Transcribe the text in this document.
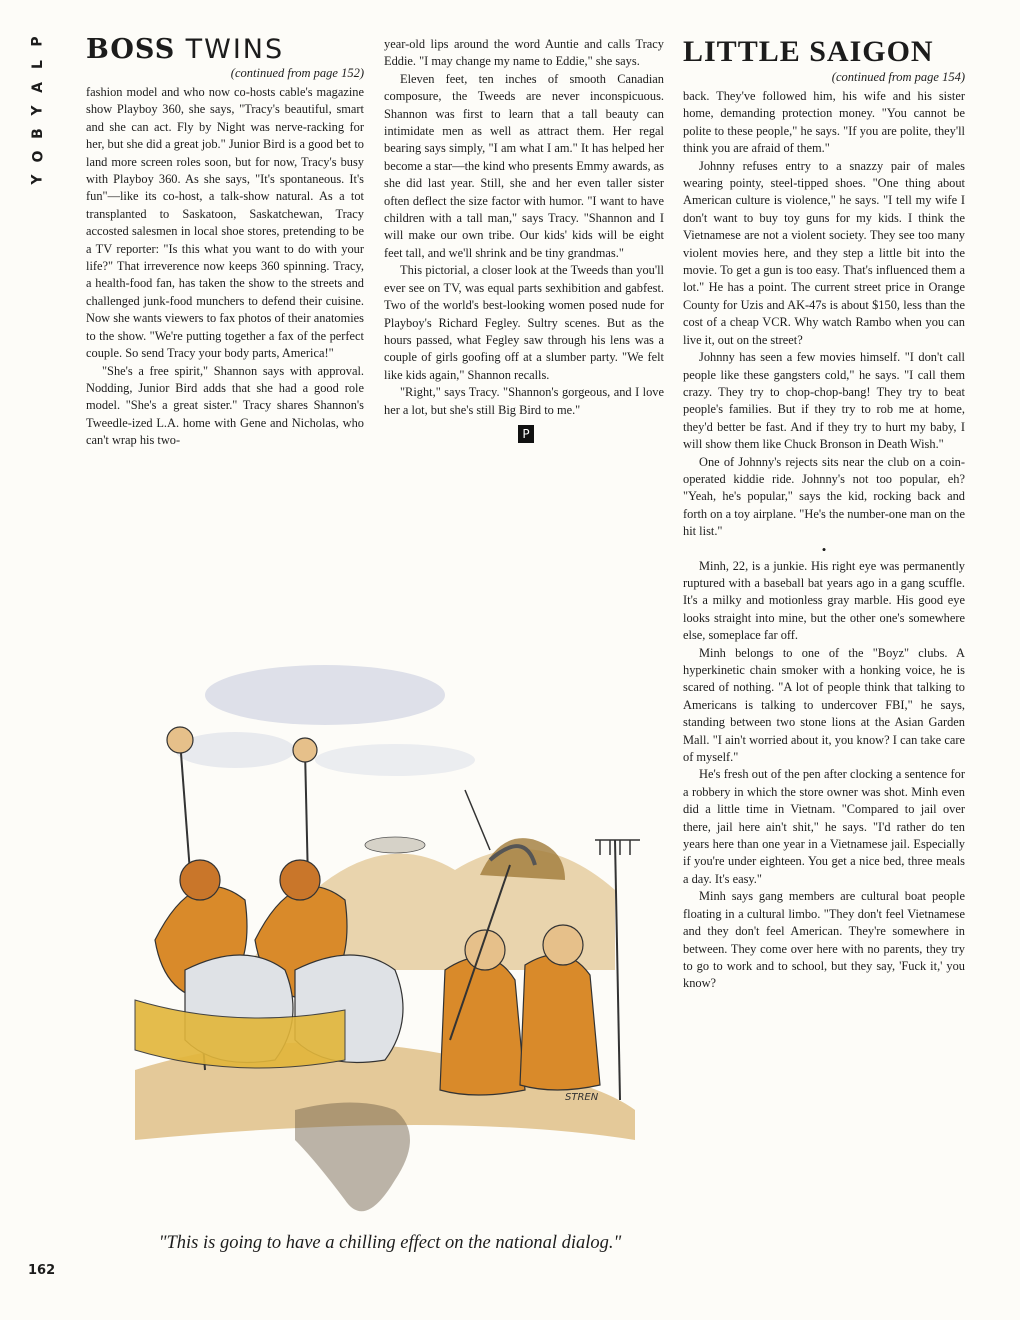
P
L
A
Y
B
O
Y
BOSS TWINS
(continued from page 152)

fashion model and who now co-hosts cable's magazine show Playboy 360, she says, "Tracy's beautiful, smart and she can act. Fly by Night was nerve-racking for her, but she did a great job." Junior Bird is a good bet to land more screen roles soon, but for now, Tracy's busy with Playboy 360. As she says, "It's spontaneous. It's fun"—like its co-host, a talk-show natural. As a tot transplanted to Saskatoon, Saskatchewan, Tracy accosted salesmen in local shoe stores, pretending to be a TV reporter: "Is this what you want to do with your life?" That irreverence now keeps 360 spinning. Tracy, a health-food fan, has taken the show to the streets and challenged junk-food munchers to defend their cuisine. Now she wants viewers to fax photos of their anatomies to the show. "We're putting together a fax of the perfect couple. So send Tracy your body parts, America!"

"She's a free spirit," Shannon says with approval. Nodding, Junior Bird adds that she had a good role model. "She's a great sister." Tracy shares Shannon's Tweedle-ized L.A. home with Gene and Nicholas, who can't wrap his two-

year-old lips around the word Auntie and calls Tracy Eddie. "I may change my name to Eddie," she says.

Eleven feet, ten inches of smooth Canadian composure, the Tweeds are never inconspicuous. Shannon was first to learn that a tall beauty can intimidate men as well as attract them. Her regal bearing says simply, "I am what I am." It has helped her become a star—the kind who presents Emmy awards, as she did last year. Still, she and her even taller sister often deflect the size factor with humor. "I want to have children with a tall man," says Tracy. "Shannon and I will make our own tribe. Our kids' kids will be eight feet tall, and we'll shrink and be tiny grandmas."

This pictorial, a closer look at the Tweeds than you'll ever see on TV, was equal parts sexhibition and gabfest. Two of the world's best-looking women posed nude for Playboy's Richard Fegley. Sultry scenes. But as the hours passed, what Fegley saw through his lens was a couple of girls goofing off at a slumber party. "We felt like kids again," Shannon recalls.

"Right," says Tracy. "Shannon's gorgeous, and I love her a lot, but she's still Big Bird to me."

P
LITTLE SAIGON
(continued from page 154)

back. They've followed him, his wife and his sister home, demanding protection money. "You cannot be polite to these people," he says. "If you are polite, they'll think you are afraid of them."

Johnny refuses entry to a snazzy pair of males wearing pointy, steel-tipped shoes. "One thing about American culture is violence," he says. "I tell my wife I don't want to buy toy guns for my kids. I think the Vietnamese are not a violent society. They see too many violent movies here, and they step a little bit into the movie. To get a gun is too easy. That's influenced them a lot." He has a point. The current street price in Orange County for Uzis and AK-47s is about $150, less than the cost of a cheap VCR. Why watch Rambo when you can live it, out on the street?

Johnny has seen a few movies himself. "I don't call people like these gangsters cold," he says. "I call them crazy. They try to chop-chop-bang! They try to beat people's families. But if they try to rob me at home, they'd better be fast. And if they try to hurt my baby, I will show them like Chuck Bronson in Death Wish."

One of Johnny's rejects sits near the club on a coin-operated kiddie ride. Johnny's not too popular, eh? "Yeah, he's popular," says the kid, rocking back and forth on a toy airplane. "He's the number-one man on the hit list."

•

Minh, 22, is a junkie. His right eye was permanently ruptured with a baseball bat years ago in a gang scuffle. It's a milky and motionless gray marble. His good eye looks straight into mine, but the other one's somewhere else, someplace far off.

Minh belongs to one of the "Boyz" clubs. A hyperkinetic chain smoker with a honking voice, he is scared of nothing. "A lot of people think that talking to Americans is talking to undercover FBI," he says, standing between two stone lions at the Asian Garden Mall. "I ain't worried about it, you know? I can take care of myself."

He's fresh out of the pen after clocking a sentence for a robbery in which the store owner was shot. Minh even did a little time in Vietnam. "Compared to jail over there, jail here ain't shit," he says. "I'd rather do ten years here than one year in a Vietnamese jail. Especially if you're under eighteen. You get a nice bed, three meals a day. It's easy."

Minh says gang members are cultural boat people floating in a cultural limbo. "They don't feel Vietnamese and they don't feel American. They're somewhere in between. They come over here with no parents, they try to go to work and to school, but they say, 'Fuck it,' you know?

STREN
"This is going to have a chilling effect on the national dialog."
162
